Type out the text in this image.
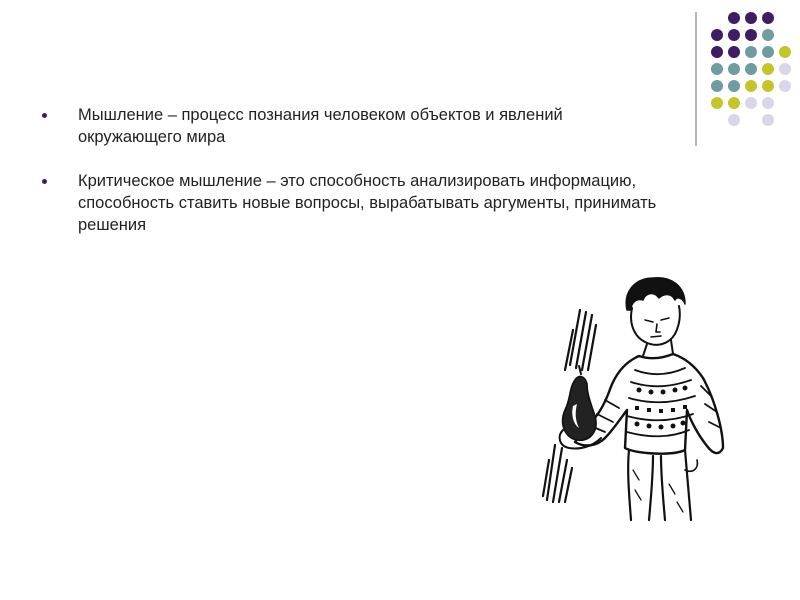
Мышление – процесс познания человеком объектов и явлений окружающего мира
Критическое мышление – это способность анализировать информацию, способность ставить новые вопросы, вырабатывать аргументы, принимать решения
